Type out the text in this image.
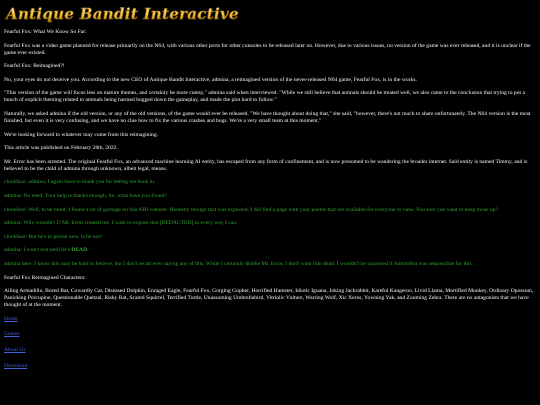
Antique Bandit Interactive

Fearful Fox: What We Know So Far:

Fearful Fox was a video game planned for release primarily on the N64, with various other ports for other consoles to be released later on. However, due to various issues, no version of the game was ever released, and it is unclear if the game ever existed.

Fearful Fox: Reimagined?!

No, your eyes do not deceive you. According to the new CEO of Antique Bandit Interactive, admina, a reimagined version of the never-released N64 game, Fearful Fox, is in the works.

"This version of the game will focus less on mature themes, and certainly be more cutesy," admina said when interviewed. "While we still believe that animals should be treated well, we also came to the conclusion that trying to put a bunch of explicit theming related to animals being harmed bogged down the gameplay, and made the plot hard to follow."

Naturally, we asked admina if the old version, or any of the old versions, of the game would ever be released. "We have thought about doing that," she said, "however, there's not much to share unfortunately. The N64 version is the most finished, but even it is very confusing, and we have no clue how to fix the various crashes and bugs. We're a very small team at this moment."

We're looking forward to whatever may come from this reimagining.

This article was published on February 28th, 2022.

Mr. Error has been arrested. The original Fearful Fox, an advanced machine learning AI entity, has escaped from any form of confinement, and is now presumed to be wandering the broader internet. Said entity is named Timmy, and is believed to be the child of admina through unknown, albeit legal, means.

clockface: admina, I again have to thank you for letting me back in.

admina: No need. Your help is thanks enough. So, what have you found?

clockface: Well, to be blunt, I found a lot of garbage on this ABI website. Honestly though that was expected. I did find a page with your poems that are available for everyone to view. You sure you want to keep those up?

admina: Why wouldn't I? Mr. Error created me. I want to expose that [REDACTED] in every way I can.

clockface: But he's in prison now, is he not?

admina: I won't rest until he's DEAD.

admina here. I know this may be hard to believe, but I don't recall ever saying any of this. While I certainly dislike Mr. Error, I don't want him dead. I wouldn't be surprised if AdminBot was responsible for this.

Fearful Fox Reimagined Characters:

Ailing Armadillo, Bored Bat, Cowardly Cat, Diseased Dolphin, Enraged Eagle, Fearful Fox, Gorging Gopher, Horrified Hamster, Idiotic Iguana, Joking Jackrabbit, Kareful Kangeroo, Livid Llama, Mortified Monkey, Ordinary Opossum, Panicking Porcupine, Questionable Quetzal, Risky Rat, Scared Squirrel, Terrified Turtle, Unassuming Umbrellabird, Vitriolic Vulture, Warring Wolf, Xic Xerus, Yowning Yak, and Zooming Zebra. There are no antagonists that we have thought of at the moment.

Home
Games
About Us
Download
